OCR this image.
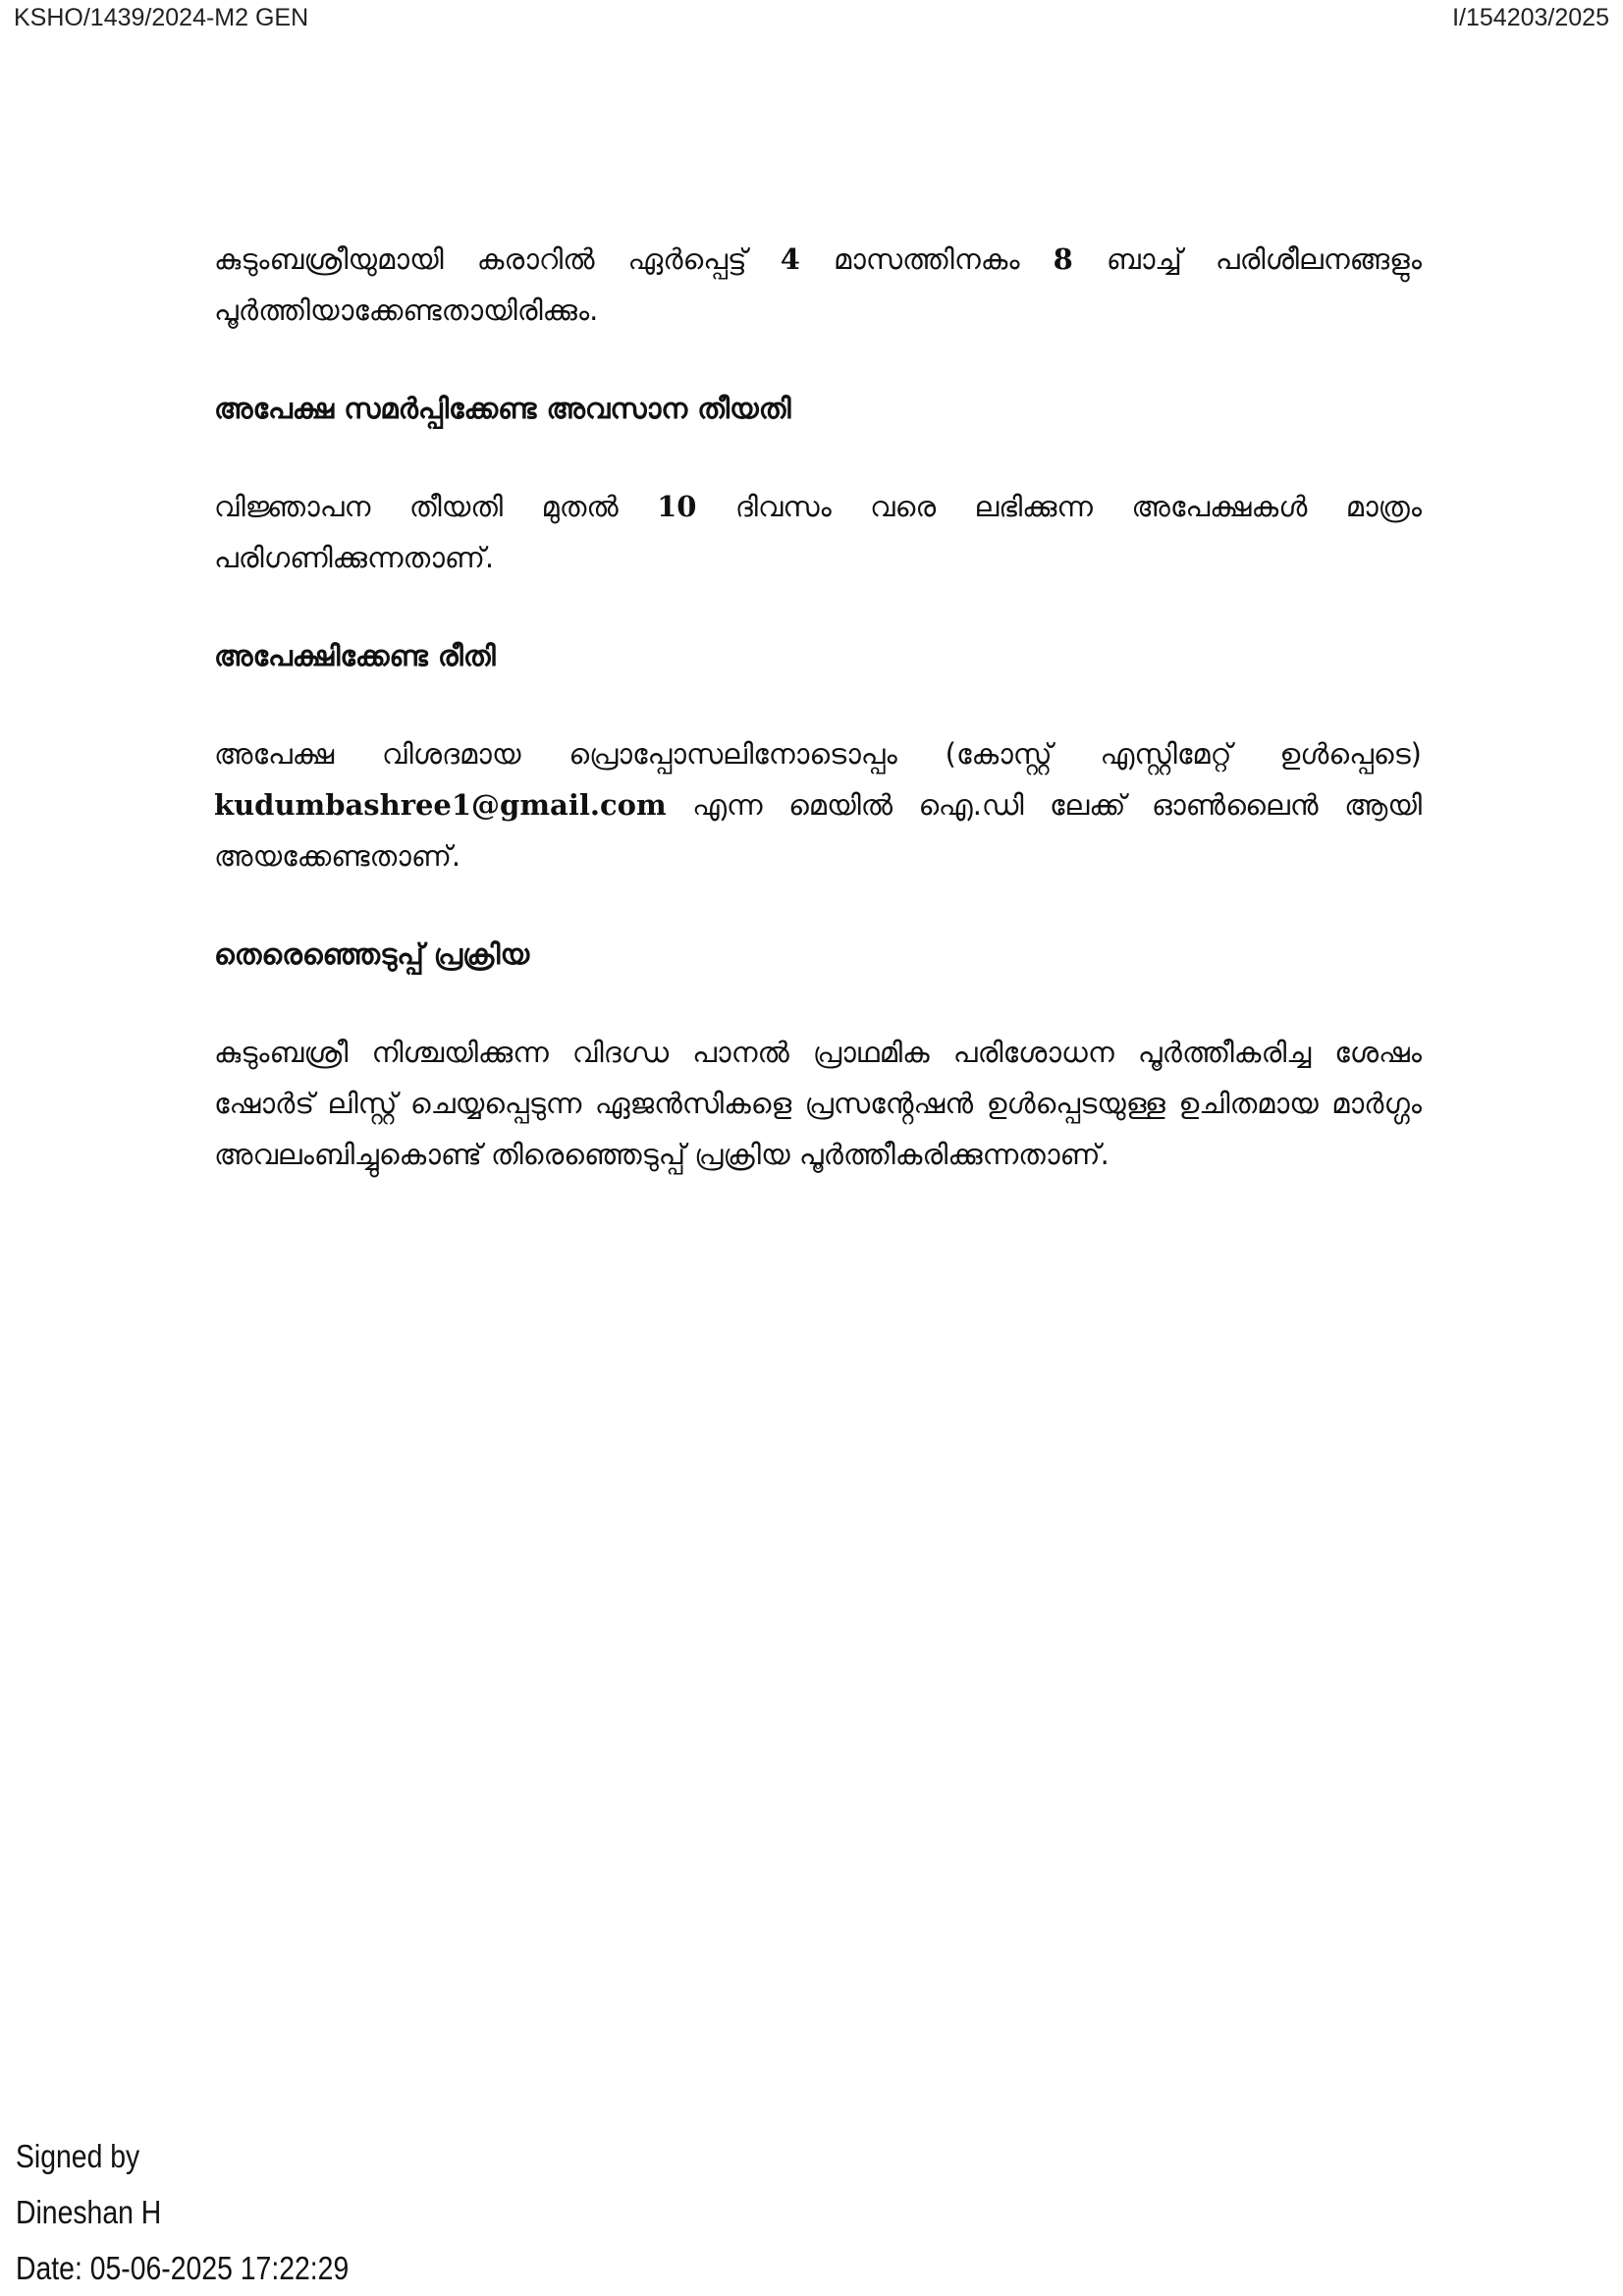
KSHO/1439/2024-M2 GEN	I/154203/2025

കുടുംബശ്രീയുമായി കരാറിൽ ഏർപ്പെട്ട് 4 മാസത്തിനകം 8 ബാച്ച് പരിശീലനങ്ങളും പൂർത്തിയാക്കേണ്ടതായിരിക്കും.

അപേക്ഷ സമർപ്പിക്കേണ്ട അവസാന തീയതി

വിജ്ഞാപന തീയതി മുതൽ 10 ദിവസം വരെ ലഭിക്കുന്ന അപേക്ഷകൾ മാത്രം പരിഗണിക്കുന്നതാണ്.

അപേക്ഷിക്കേണ്ട രീതി

അപേക്ഷ വിശദമായ പ്രൊപ്പോസലിനോടൊപ്പം (കോസ്റ്റ് എസ്റ്റിമേറ്റ് ഉൾപ്പെടെ) kudumbashree1@gmail.com എന്ന മെയിൽ ഐ.ഡി ലേക്ക് ഓൺലൈൻ ആയി അയക്കേണ്ടതാണ്.

തെരെഞ്ഞെടുപ്പ് പ്രക്രിയ

കുടുംബശ്രീ നിശ്ചയിക്കുന്ന വിദഗ്ധ പാനൽ പ്രാഥമിക പരിശോധന പൂർത്തീകരിച്ച ശേഷം ഷോർട് ലിസ്റ്റ് ചെയ്യപ്പെടുന്ന ഏജൻസികളെ പ്രസൻ്റേഷൻ ഉൾപ്പെടയുള്ള ഉചിതമായ മാർഗ്ഗം അവലംബിച്ചുകൊണ്ട് തിരെഞ്ഞെടുപ്പ് പ്രക്രിയ പൂർത്തീകരിക്കുന്നതാണ്.

Signed by
Dineshan H
Date: 05-06-2025 17:22:29
